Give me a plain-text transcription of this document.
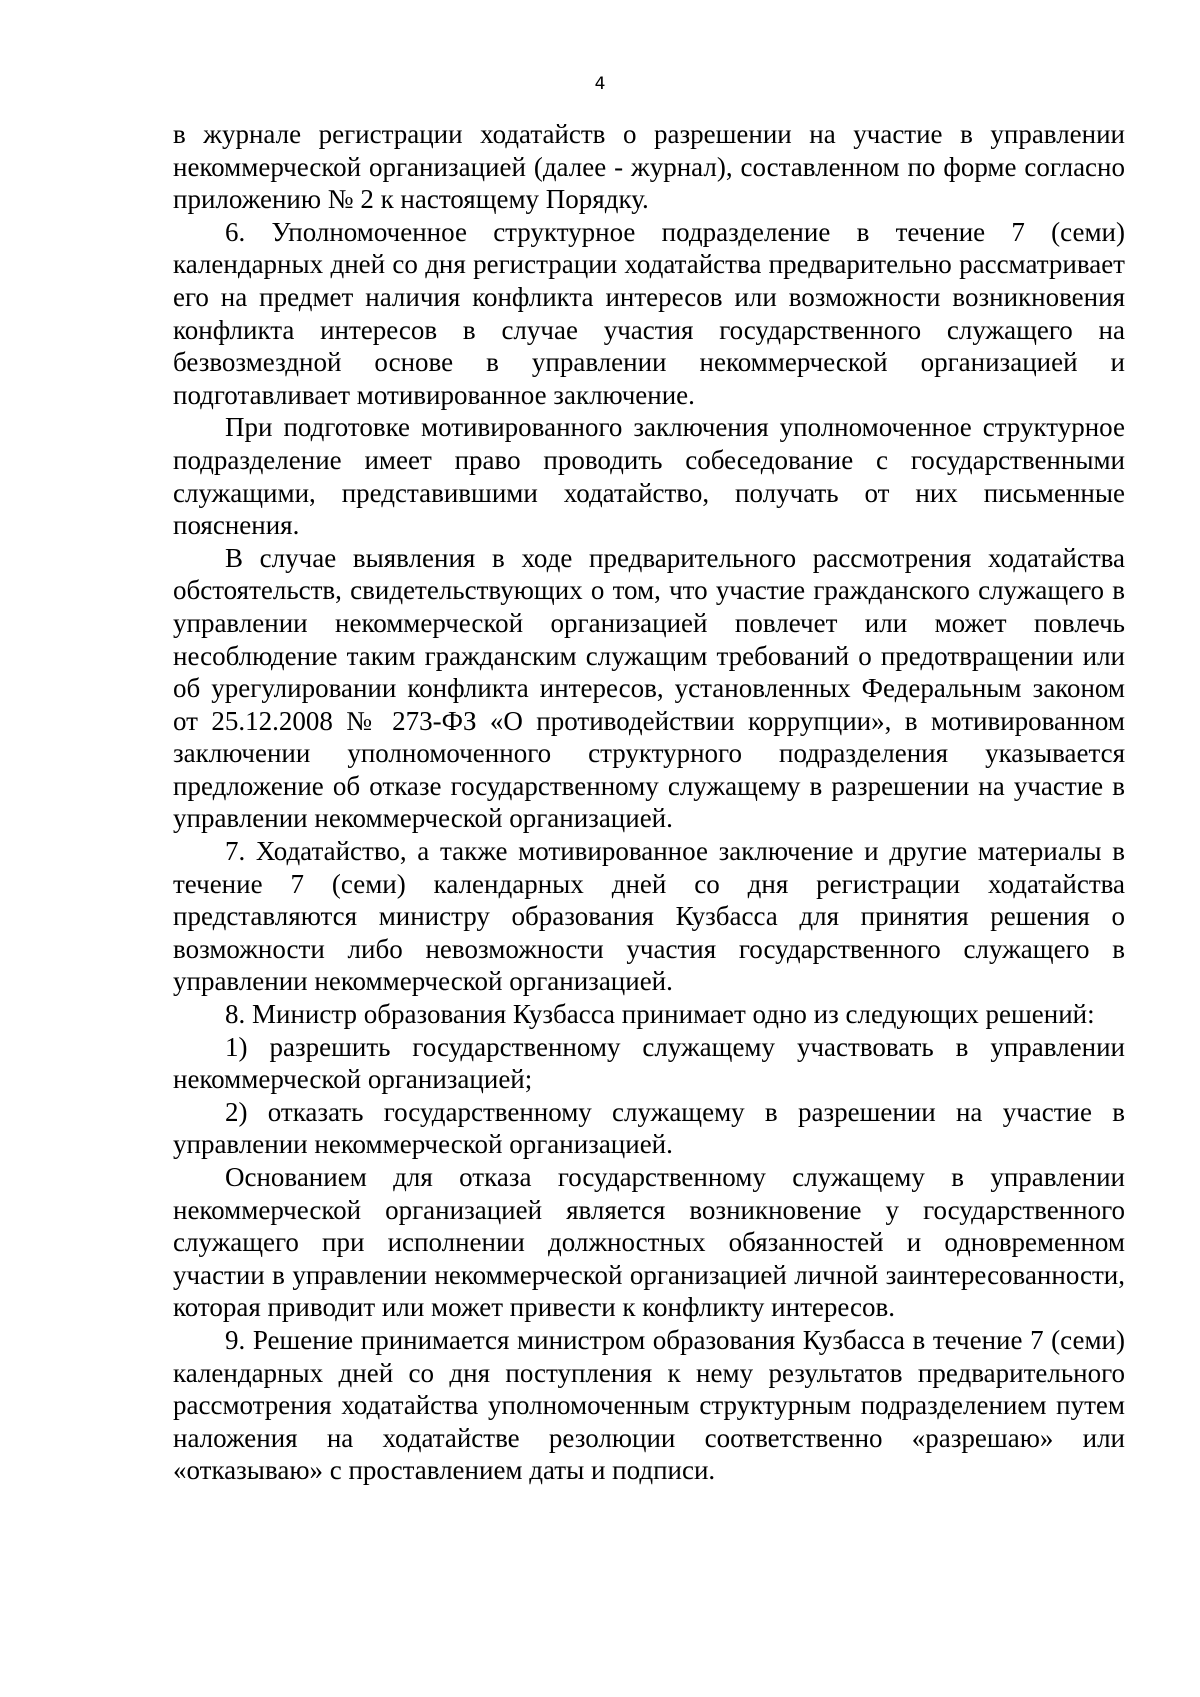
4

в журнале регистрации ходатайств о разрешении на участие в управлении некоммерческой организацией (далее - журнал), составленном по форме согласно приложению № 2 к настоящему Порядку.

6. Уполномоченное структурное подразделение в течение 7 (семи) календарных дней со дня регистрации ходатайства предварительно рассматривает его на предмет наличия конфликта интересов или возможности возникновения конфликта интересов в случае участия государственного служащего на безвозмездной основе в управлении некоммерческой организацией и подготавливает мотивированное заключение.

При подготовке мотивированного заключения уполномоченное структурное подразделение имеет право проводить собеседование с государственными служащими, представившими ходатайство, получать от них письменные пояснения.

В случае выявления в ходе предварительного рассмотрения ходатайства обстоятельств, свидетельствующих о том, что участие гражданского служащего в управлении некоммерческой организацией повлечет или может повлечь несоблюдение таким гражданским служащим требований о предотвращении или об урегулировании конфликта интересов, установленных Федеральным законом от 25.12.2008 № 273-ФЗ «О противодействии коррупции», в мотивированном заключении уполномоченного структурного подразделения указывается предложение об отказе государственному служащему в разрешении на участие в управлении некоммерческой организацией.

7. Ходатайство, а также мотивированное заключение и другие материалы в течение 7 (семи) календарных дней со дня регистрации ходатайства представляются министру образования Кузбасса для принятия решения о возможности либо невозможности участия государственного служащего в управлении некоммерческой организацией.

8. Министр образования Кузбасса принимает одно из следующих решений:

1) разрешить государственному служащему участвовать в управлении некоммерческой организацией;

2) отказать государственному служащему в разрешении на участие в управлении некоммерческой организацией.

Основанием для отказа государственному служащему в управлении некоммерческой организацией является возникновение у государственного служащего при исполнении должностных обязанностей и одновременном участии в управлении некоммерческой организацией личной заинтересованности, которая приводит или может привести к конфликту интересов.

9. Решение принимается министром образования Кузбасса в течение 7 (семи) календарных дней со дня поступления к нему результатов предварительного рассмотрения ходатайства уполномоченным структурным подразделением путем наложения на ходатайстве резолюции соответственно «разрешаю» или «отказываю» с проставлением даты и подписи.
